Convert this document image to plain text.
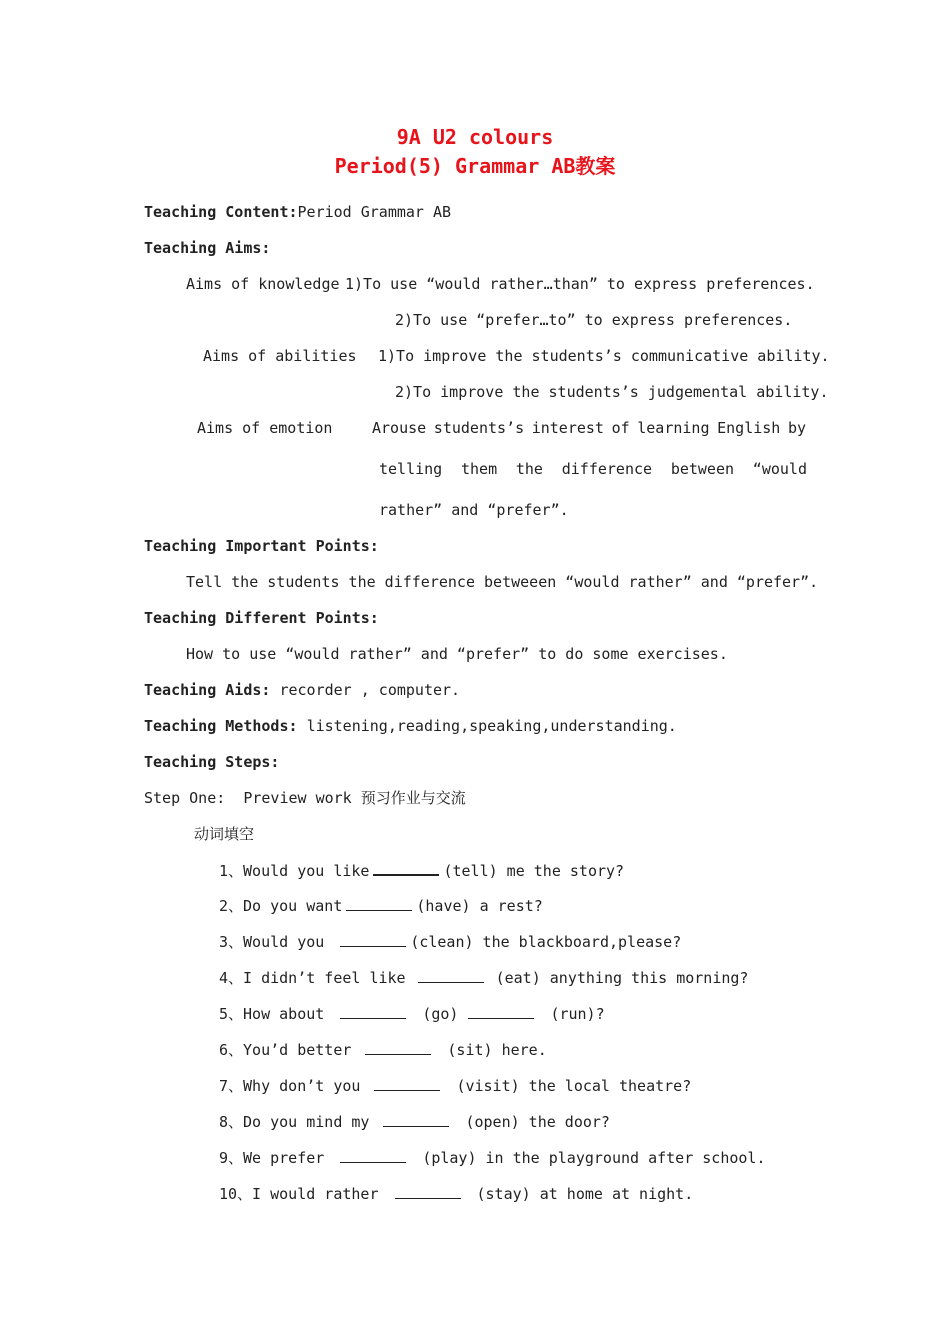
9A U2 colours
Period(5) Grammar AB教案
Teaching Content:Period Grammar AB
Teaching Aims:
Aims of knowledge 1)To use “would rather…than” to express preferences.
2)To use “prefer…to” to express preferences.
Aims of abilities 1)To improve the students’s communicative ability.
2)To improve the students’s judgemental ability.
Aims of emotion	Arouse students’s interest of learning English by
telling them the difference between “would
rather” and “prefer”.
Teaching Important Points:
Tell the students the difference betweeen “would rather” and “prefer”.
Teaching Different Points:
How to use “would rather” and “prefer” to do some exercises.
Teaching Aids: recorder , computer.
Teaching Methods: listening,reading,speaking,understanding.
Teaching Steps:
Step One:  Preview work 预习作业与交流
动词填空
1、Would you like	(tell) me the story?
2、Do you want	(have) a rest?
3、Would you	(clean) the blackboard,please?
4、I didn’t feel like	(eat) anything this morning?
5、How about	(go)	(run)?
6、You’d better	(sit) here.
7、Why don’t you	(visit) the local theatre?
8、Do you mind my	(open) the door?
9、We prefer	(play) in the playground after school.
10、I would rather	(stay) at home at night.
